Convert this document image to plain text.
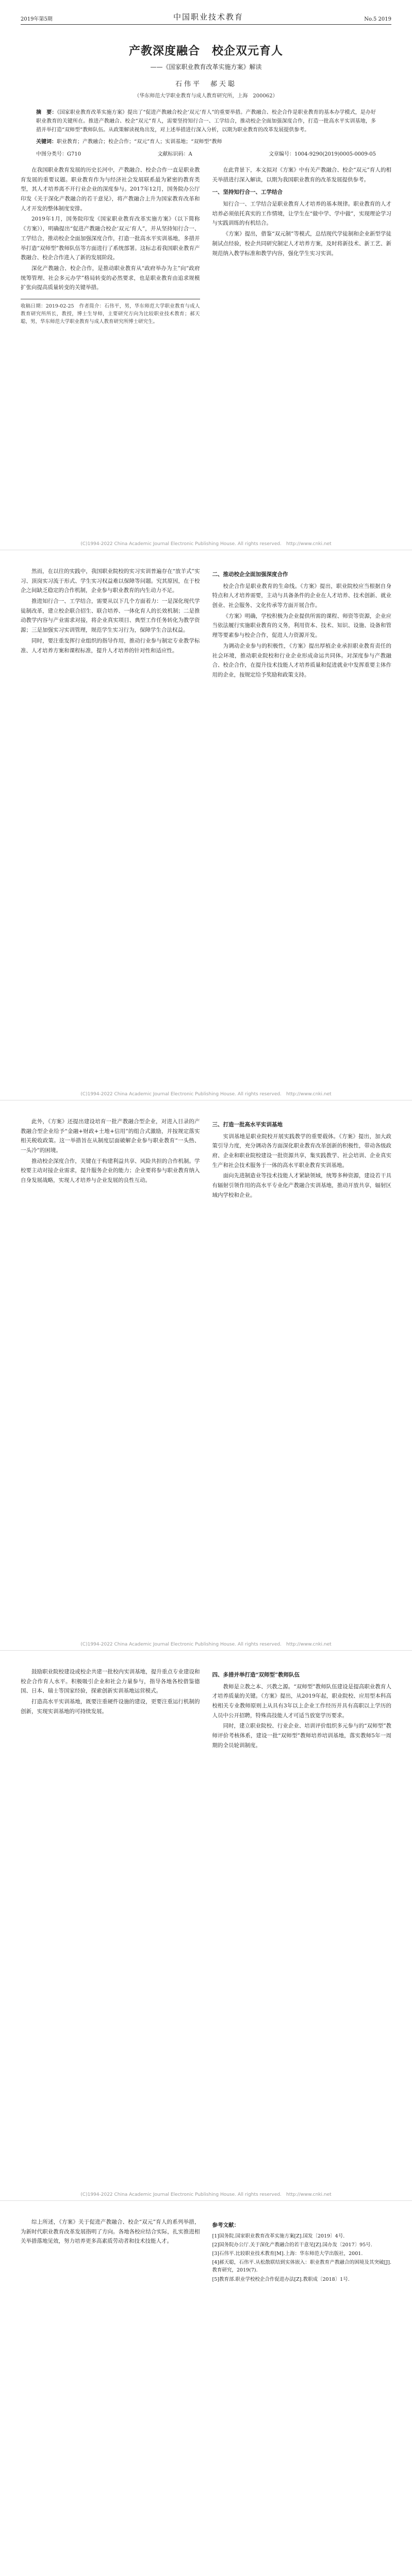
2019年第5期	中国职业技术教育	No.5 2019
产教深度融合　校企双元育人
——《国家职业教育改革实施方案》解读
石伟平　郝天聪
（华东师范大学职业教育与成人教育研究所，上海　200062）
摘　要：《国家职业教育改革实施方案》提出了“促进产教融合校企‘双元’育人”的重要举措。产教融合、校企合作是职业教育的基本办学模式，是办好职业教育的关键所在。推进产教融合、校企“双元”育人，需要坚持知行合一、工学结合，推动校企全面加强深度合作，打造一批高水平实训基地，多措并举打造“双师型”教师队伍。从政策解读视角出发，对上述举措进行深入分析，以期为职业教育的改革发展提供参考。
关键词：职业教育；产教融合；校企合作；“双元”育人；实训基地；“双师型”教师
中图分类号：G710	文献标识码：A	文章编号：1004-9290(2019)0005-0009-05

在我国职业教育发展的历史长河中，产教融合、校企合作一直是职业教育发展的重要议题。职业教育作为与经济社会发展联系最为紧密的教育类型，其人才培养离不开行业企业的深度参与。2017年12月，国务院办公厅印发《关于深化产教融合的若干意见》，将产教融合上升为国家教育改革和人才开发的整体制度安排。

2019年1月，国务院印发《国家职业教育改革实施方案》（以下简称《方案》），明确提出“促进产教融合校企‘双元’育人”，并从坚持知行合一、工学结合，推动校企全面加强深度合作，打造一批高水平实训基地，多措并举打造“双师型”教师队伍等方面进行了系统部署。这标志着我国职业教育产教融合、校企合作进入了新的发展阶段。

深化产教融合、校企合作，是推动职业教育从“政府举办为主”向“政府统筹管理、社会多元办学”格局转变的必然要求，也是职业教育由追求规模扩张向提高质量转变的关键举措。

收稿日期：2019-02-25　作者简介：石伟平，男，华东师范大学职业教育与成人教育研究所所长，教授，博士生导师，主要研究方向为比较职业技术教育；郝天聪，男，华东师范大学职业教育与成人教育研究所博士研究生。

在此背景下，本文拟对《方案》中有关产教融合、校企“双元”育人的相关举措进行深入解读，以期为我国职业教育的改革发展提供参考。

一、坚持知行合一、工学结合

知行合一、工学结合是职业教育人才培养的基本规律。职业教育的人才培养必须依托真实的工作情境，让学生在“做中学、学中做”，实现理论学习与实践训练的有机结合。

《方案》提出，借鉴“双元制”等模式，总结现代学徒制和企业新型学徒制试点经验，校企共同研究制定人才培养方案，及时将新技术、新工艺、新规范纳入教学标准和教学内容，强化学生实习实训。

(C)1994-2022 China Academic Journal Electronic Publishing House. All rights reserved.　http://www.cnki.net

然而，在以往的实践中，我国职业院校的实习实训普遍存在“放羊式”实习、顶岗实习流于形式、学生实习权益难以保障等问题。究其原因，在于校企之间缺乏稳定的合作机制，企业参与职业教育的内生动力不足。

推进知行合一、工学结合，需要从以下几个方面着力：一是深化现代学徒制改革，建立校企联合招生、联合培养、一体化育人的长效机制；二是推动教学内容与产业需求对接，将企业真实项目、典型工作任务转化为教学资源；三是加强实习实训管理，规范学生实习行为，保障学生合法权益。

同时，要注重发挥行业组织的指导作用，推动行业参与制定专业教学标准、人才培养方案和课程标准，提升人才培养的针对性和适应性。

二、推动校企全面加强深度合作

校企合作是职业教育的生命线。《方案》提出，职业院校应当根据自身特点和人才培养需要，主动与具备条件的企业在人才培养、技术创新、就业创业、社会服务、文化传承等方面开展合作。

《方案》明确，学校积极为企业提供所需的课程、师资等资源，企业应当依法履行实施职业教育的义务，利用资本、技术、知识、设施、设备和管理等要素参与校企合作，促进人力资源开发。

为调动企业参与的积极性，《方案》提出厚植企业承担职业教育责任的社会环境，推动职业院校和行业企业形成命运共同体。对深度参与产教融合、校企合作，在提升技术技能人才培养质量和促进就业中发挥重要主体作用的企业，按规定给予奖励和政策支持。

(C)1994-2022 China Academic Journal Electronic Publishing House. All rights reserved.　http://www.cnki.net

此外，《方案》还提出建设培育一批产教融合型企业，对进入目录的产教融合型企业给予“金融+财政+土地+信用”的组合式激励，并按规定落实相关税收政策。这一举措旨在从制度层面破解企业参与职业教育“一头热、一头冷”的困境。

推动校企深度合作，关键在于构建利益共享、风险共担的合作机制。学校要主动对接企业需求，提升服务企业的能力；企业要将参与职业教育纳入自身发展战略，实现人才培养与企业发展的良性互动。

三、打造一批高水平实训基地

实训基地是职业院校开展实践教学的重要载体。《方案》提出，加大政策引导力度，充分调动各方面深化职业教育改革创新的积极性，带动各级政府、企业和职业院校建设一批资源共享，集实践教学、社会培训、企业真实生产和社会技术服务于一体的高水平职业教育实训基地。

面向先进制造业等技术技能人才紧缺领域，统筹多种资源，建设若干具有辐射引领作用的高水平专业化产教融合实训基地，推动开放共享，辐射区域内学校和企业。

(C)1994-2022 China Academic Journal Electronic Publishing House. All rights reserved.　http://www.cnki.net

鼓励职业院校建设或校企共建一批校内实训基地，提升重点专业建设和校企合作育人水平。积极吸引企业和社会力量参与，指导各地各校借鉴德国、日本、瑞士等国家经验，探索创新实训基地运营模式。

打造高水平实训基地，既要注重硬件设施的建设，更要注重运行机制的创新，实现实训基地的可持续发展。

四、多措并举打造“双师型”教师队伍

教师是立教之本、兴教之源。“双师型”教师队伍建设是提高职业教育人才培养质量的关键。《方案》提出，从2019年起，职业院校、应用型本科高校相关专业教师原则上从具有3年以上企业工作经历并具有高职以上学历的人员中公开招聘，特殊高技能人才可适当放宽学历要求。

同时，建立职业院校、行业企业、培训评价组织多元参与的“双师型”教师评价考核体系，建设一批“双师型”教师培养培训基地，落实教师5年一周期的全员轮训制度。

(C)1994-2022 China Academic Journal Electronic Publishing House. All rights reserved.　http://www.cnki.net

综上所述，《方案》关于促进产教融合、校企“双元”育人的系列举措，为新时代职业教育改革发展指明了方向。各地各校应结合实际，扎实推进相关举措落地见效，努力培养更多高素质劳动者和技术技能人才。

参考文献：

[1]国务院.国家职业教育改革实施方案[Z].国发〔2019〕4号.
[2]国务院办公厅.关于深化产教融合的若干意见[Z].国办发〔2017〕95号.
[3]石伟平.比较职业技术教育[M].上海：华东师范大学出版社，2001.
[4]郝天聪，石伟平.从松散联结到实体嵌入：职业教育产教融合的困境及其突破[J].教育研究，2019(7).
[5]教育部.职业学校校企合作促进办法[Z].教职成〔2018〕1号.
